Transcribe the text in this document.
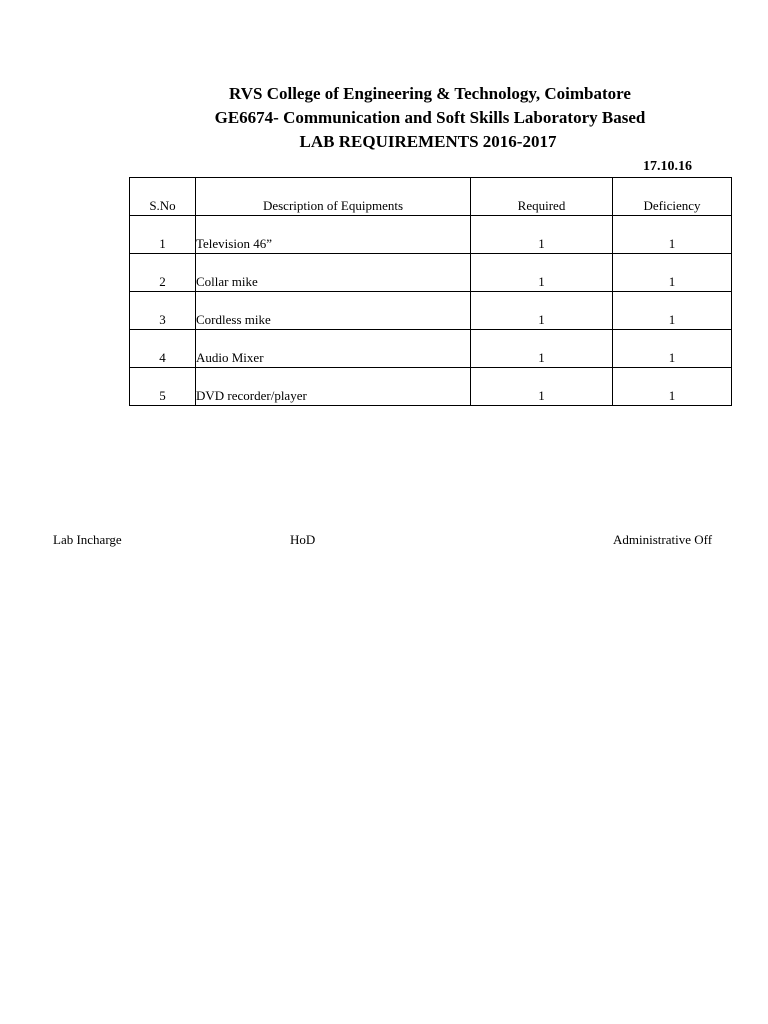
RVS College of Engineering & Technology, Coimbatore
GE6674- Communication and Soft Skills Laboratory Based
LAB REQUIREMENTS 2016-2017
17.10.16
S.No	Description of Equipments	Required	Deficiency
1	Television 46”	1	1
2	Collar mike	1	1
3	Cordless mike	1	1
4	Audio Mixer	1	1
5	DVD recorder/player	1	1
Lab Incharge	HoD	Administrative Off
